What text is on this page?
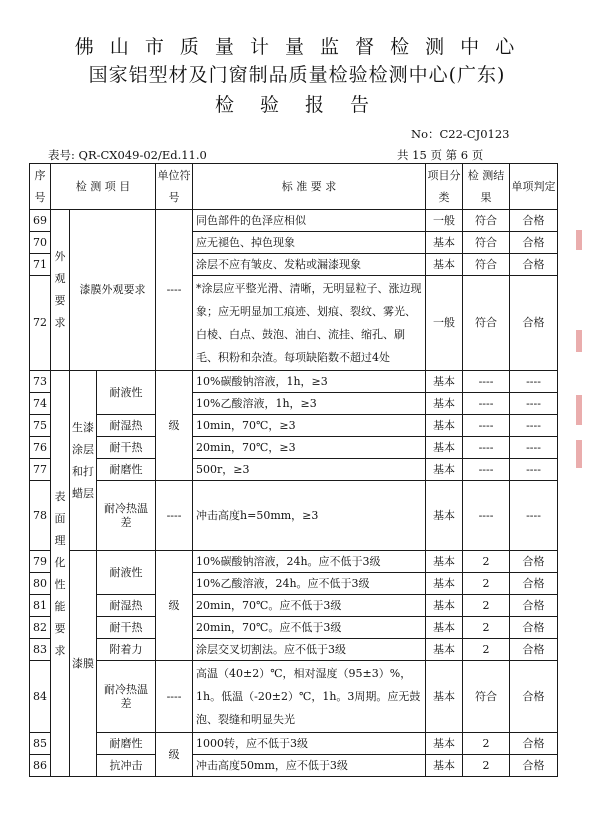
佛 山 市 质 量 计 量 监 督 检 测 中 心
国家铝型材及门窗制品质量检验检测中心(广东)
检 验 报 告
No：C22-CJ0123
表号: QR-CX049-02/Ed.11.0	共 15 页 第 6 页
序号	检 测 项 目			单位符号	标 准 要 求	项目分类	检 测结 果	单项判定
69	外观要求	漆膜外观要求		----	同色部件的色泽应相似	一般	符合	合格
70					应无褪色、掉色现象	基本	符合	合格
71					涂层不应有皱皮、发粘或漏漆现象	基本	符合	合格
72					*涂层应平整光滑、清晰，无明显粒子、涨边现象；应无明显加工痕迹、划痕、裂纹、雾光、白棱、白点、鼓泡、油白、流挂、缩孔、刷毛、积粉和杂渣。每项缺陷数不超过4处	一般	符合	合格
73	表面理化性能要求	生漆涂层和打蜡层	耐液性	级	10%碳酸钠溶液，1h，≥3	基本	----	----
74					10%乙酸溶液，1h，≥3	基本	----	----
75			耐湿热		10min，70℃，≥3	基本	----	----
76			耐干热		20min，70℃，≥3	基本	----	----
77			耐磨性		500r，≥3	基本	----	----
78			耐冷热温差	----	冲击高度h=50mm，≥3	基本	----	----
79		漆膜	耐液性	级	10%碳酸钠溶液，24h。应不低于3级	基本	2	合格
80					10%乙酸溶液，24h。应不低于3级	基本	2	合格
81			耐湿热		20min，70℃。应不低于3级	基本	2	合格
82			耐干热		20min，70℃。应不低于3级	基本	2	合格
83			附着力		涂层交叉切割法。应不低于3级	基本	2	合格
84			耐冷热温差	----	高温（40±2）℃，相对湿度（95±3）%，1h。低温（-20±2）℃，1h。3周期。应无鼓泡、裂缝和明显失光	基本	符合	合格
85			耐磨性	级	1000转，应不低于3级	基本	2	合格
86			抗冲击		冲击高度50mm，应不低于3级	基本	2	合格
